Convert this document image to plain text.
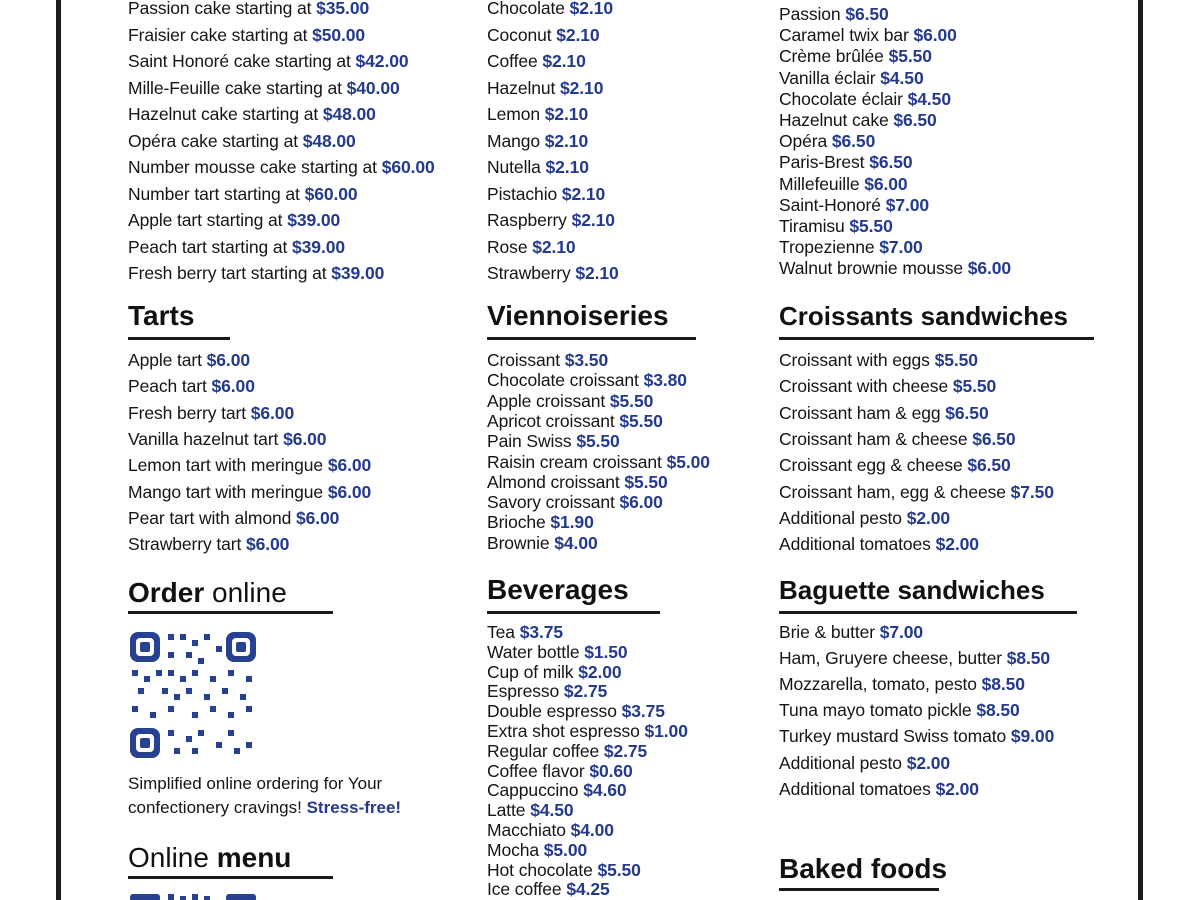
Passion cake starting at $35.00
Fraisier cake starting at $50.00
Saint Honoré cake starting at $42.00
Mille-Feuille cake starting at $40.00
Hazelnut cake starting at $48.00
Opéra cake starting at $48.00
Number mousse cake starting at $60.00
Number tart starting at $60.00
Apple tart starting at $39.00
Peach tart starting at $39.00
Fresh berry tart starting at $39.00
Tarts
Apple tart $6.00
Peach tart $6.00
Fresh berry tart $6.00
Vanilla hazelnut tart $6.00
Lemon tart with meringue $6.00
Mango tart with meringue $6.00
Pear tart with almond $6.00
Strawberry tart $6.00
Order online
Simplified online ordering for Your
confectionery cravings! Stress-free!
Online menu
Chocolate $2.10
Coconut $2.10
Coffee $2.10
Hazelnut $2.10
Lemon $2.10
Mango $2.10
Nutella $2.10
Pistachio $2.10
Raspberry $2.10
Rose $2.10
Strawberry $2.10
Viennoiseries
Croissant $3.50
Chocolate croissant $3.80
Apple croissant $5.50
Apricot croissant $5.50
Pain Swiss $5.50
Raisin cream croissant $5.00
Almond croissant $5.50
Savory croissant $6.00
Brioche $1.90
Brownie $4.00
Beverages
Tea $3.75
Water bottle $1.50
Cup of milk $2.00
Espresso $2.75
Double espresso $3.75
Extra shot espresso $1.00
Regular coffee $2.75
Coffee flavor $0.60
Cappuccino $4.60
Latte $4.50
Macchiato $4.00
Mocha $5.00
Hot chocolate $5.50
Ice coffee $4.25
Passion $6.50
Caramel twix bar $6.00
Crème brûlée $5.50
Vanilla éclair $4.50
Chocolate éclair $4.50
Hazelnut cake $6.50
Opéra $6.50
Paris-Brest $6.50
Millefeuille $6.00
Saint-Honoré $7.00
Tiramisu $5.50
Tropezienne $7.00
Walnut brownie mousse $6.00
Croissants sandwiches
Croissant with eggs $5.50
Croissant with cheese $5.50
Croissant ham & egg $6.50
Croissant ham & cheese $6.50
Croissant egg & cheese $6.50
Croissant ham, egg & cheese $7.50
Additional pesto $2.00
Additional tomatoes $2.00
Baguette sandwiches
Brie & butter $7.00
Ham, Gruyere cheese, butter $8.50
Mozzarella, tomato, pesto $8.50
Tuna mayo tomato pickle $8.50
Turkey mustard Swiss tomato $9.00
Additional pesto $2.00
Additional tomatoes $2.00
Baked foods
